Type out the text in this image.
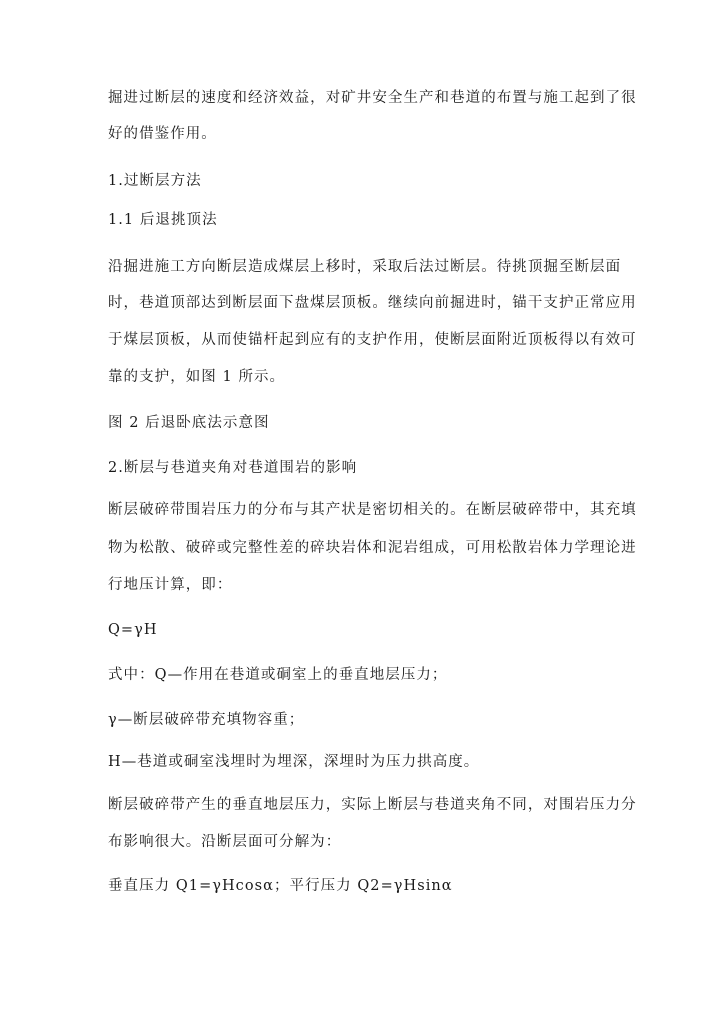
掘进过断层的速度和经济效益，对矿井安全生产和巷道的布置与施工起到了很
好的借鉴作用。
1.过断层方法
1.1 后退挑顶法
沿掘进施工方向断层造成煤层上移时，采取后法过断层。待挑顶掘至断层面
时，巷道顶部达到断层面下盘煤层顶板。继续向前掘进时，锚干支护正常应用
于煤层顶板，从而使锚杆起到应有的支护作用，使断层面附近顶板得以有效可
靠的支护，如图 1 所示。
图 2 后退卧底法示意图
2.断层与巷道夹角对巷道围岩的影响
断层破碎带围岩压力的分布与其产状是密切相关的。在断层破碎带中，其充填
物为松散、破碎或完整性差的碎块岩体和泥岩组成，可用松散岩体力学理论进
行地压计算，即：
Q=γH
式中：Q—作用在巷道或硐室上的垂直地层压力；
γ—断层破碎带充填物容重；
H—巷道或硐室浅埋时为埋深，深埋时为压力拱高度。
断层破碎带产生的垂直地层压力，实际上断层与巷道夹角不同，对围岩压力分
布影响很大。沿断层面可分解为：
垂直压力 Q1=γHcosα；平行压力 Q2=γHsinα
